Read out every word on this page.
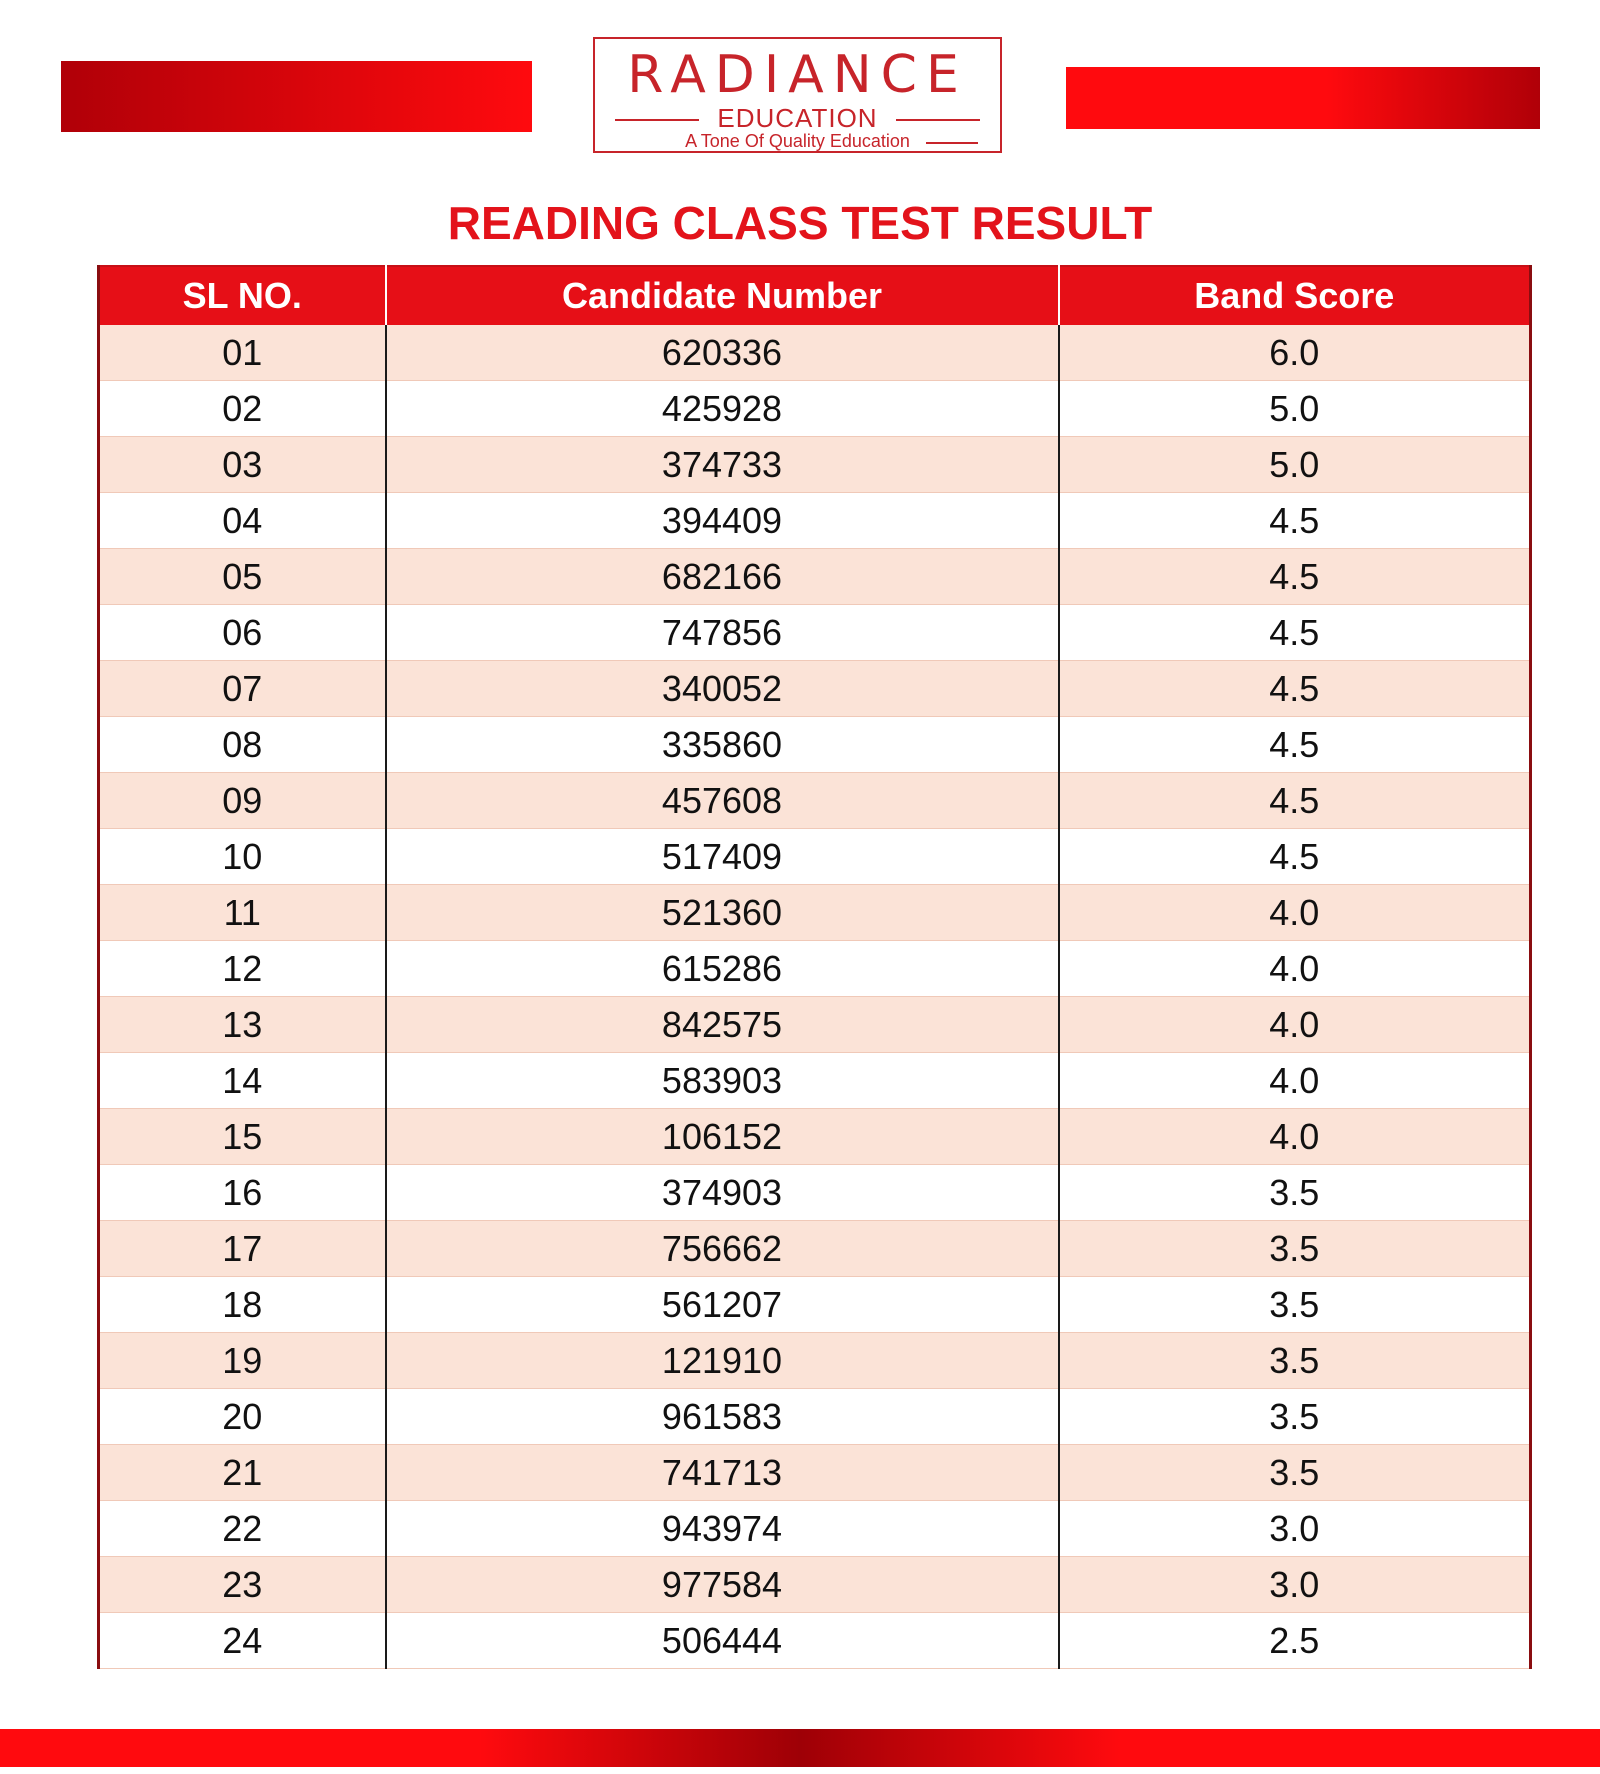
RADIANCE
EDUCATION
A Tone Of Quality Education
READING CLASS TEST RESULT
SL NO.	Candidate Number	Band Score
01	620336	6.0
02	425928	5.0
03	374733	5.0
04	394409	4.5
05	682166	4.5
06	747856	4.5
07	340052	4.5
08	335860	4.5
09	457608	4.5
10	517409	4.5
11	521360	4.0
12	615286	4.0
13	842575	4.0
14	583903	4.0
15	106152	4.0
16	374903	3.5
17	756662	3.5
18	561207	3.5
19	121910	3.5
20	961583	3.5
21	741713	3.5
22	943974	3.0
23	977584	3.0
24	506444	2.5
